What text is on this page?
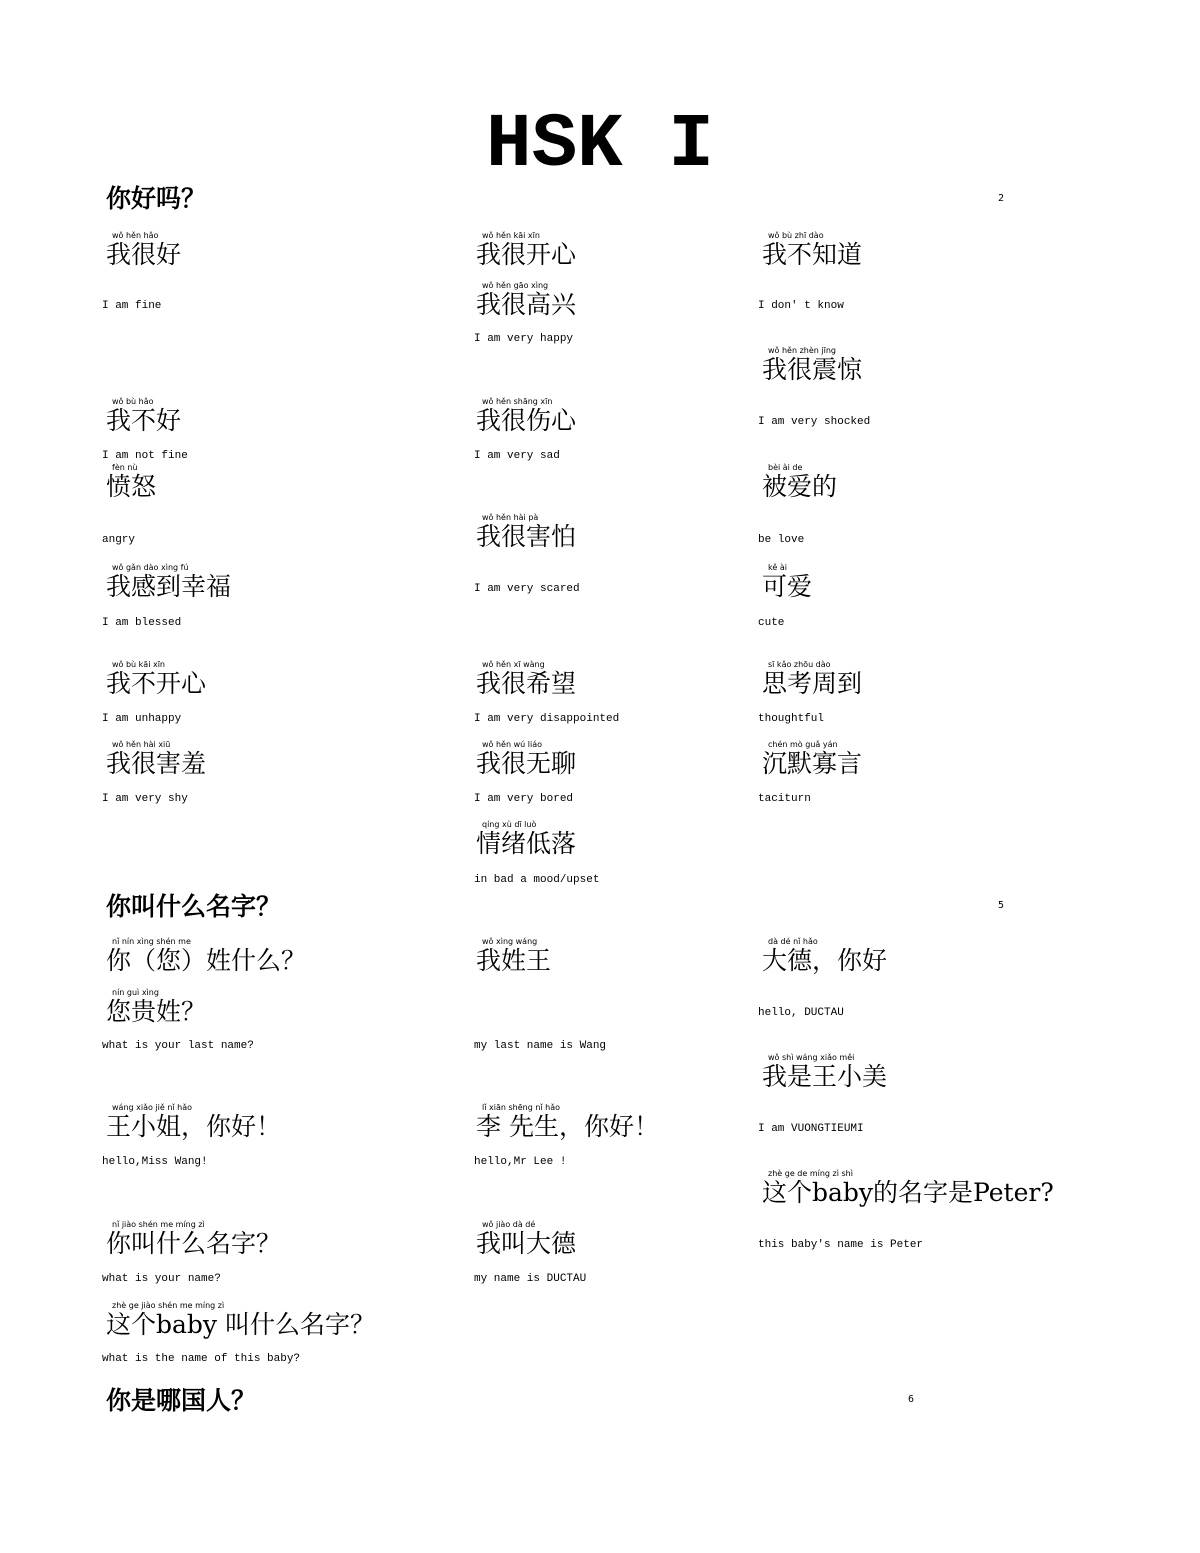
HSK I
你好吗？	2
wǒ hěn hǎo
我很好
I am fine
wǒ hěn kāi xīn
我很开心
wǒ hěn gāo xìng
我很高兴
I am very happy
wǒ bù zhī dào
我不知道
I don' t know
wǒ hěn zhèn jīng
我很震惊
I am very shocked
wǒ bù hǎo
我不好
I am not fine
wǒ hěn shāng xīn
我很伤心
I am very sad
fèn nù
愤怒
angry
bèi ài de
被爱的
be love
wǒ hěn hài pà
我很害怕
I am very scared
wǒ gǎn dào xìng fú
我感到幸福
I am blessed
kě ài
可爱
cute
wǒ bù kāi xīn
我不开心
I am unhappy
wǒ hěn xī wàng
我很希望
I am very disappointed
sī kǎo zhōu dào
思考周到
thoughtful
wǒ hěn hài xiū
我很害羞
I am very shy
wǒ hěn wú liáo
我很无聊
I am very bored
chén mò guǎ yán
沉默寡言
taciturn
qíng xù dī luò
情绪低落
in bad a mood/upset
你叫什么名字？	5
nǐ nín xìng shén me
你（您）姓什么？
nín guì xìng
您贵姓？
what is your last name?
wǒ xìng wáng
我姓王
my last name is Wang
dà dé nǐ hǎo
大德，你好
hello, DUCTAU
wǒ shì wáng xiǎo měi
我是王小美
I am VUONGTIEUMI
wáng xiǎo jiě nǐ hǎo
王小姐，你好！
hello,Miss Wang!
lǐ xiān shēng nǐ hǎo
李 先生，你好！
hello,Mr Lee !
zhè ge de míng zì shì
这个baby的名字是Peter?
this baby's name is Peter
nǐ jiào shén me míng zì
你叫什么名字？
what is your name?
wǒ jiào dà dé
我叫大德
my name is DUCTAU
zhè ge jiào shén me míng zì
这个baby 叫什么名字？
what is the name of this baby?
你是哪国人？	6
